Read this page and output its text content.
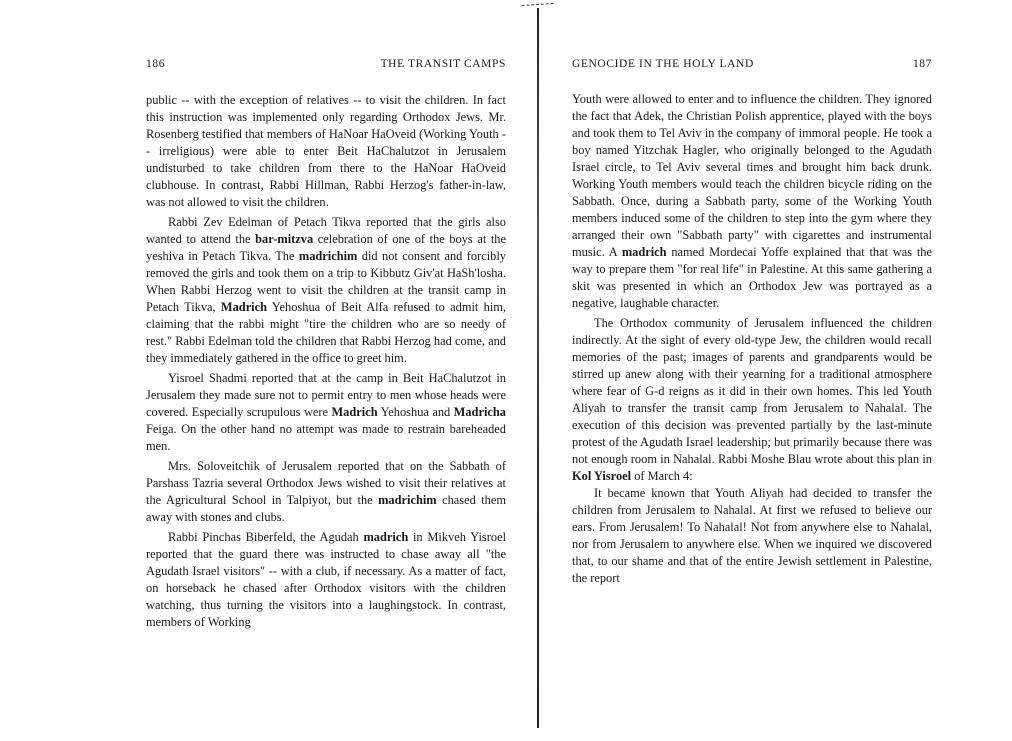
186	THE TRANSIT CAMPS

public -- with the exception of relatives -- to visit the children. In fact this instruction was implemented only regarding Orthodox Jews. Mr. Rosenberg testified that members of HaNoar HaOveid (Working Youth -- irreligious) were able to enter Beit HaChalutzot in Jerusalem undisturbed to take children from there to the HaNoar HaOveid clubhouse. In contrast, Rabbi Hillman, Rabbi Herzog's father-in-law, was not allowed to visit the children.

Rabbi Zev Edelman of Petach Tikva reported that the girls also wanted to attend the bar-mitzva celebration of one of the boys at the yeshiva in Petach Tikva. The madrichim did not consent and forcibly removed the girls and took them on a trip to Kibbutz Giv'at HaSh'losha. When Rabbi Herzog went to visit the children at the transit camp in Petach Tikva, Madrich Yehoshua of Beit Alfa refused to admit him, claiming that the rabbi might "tire the children who are so needy of rest." Rabbi Edelman told the children that Rabbi Herzog had come, and they immediately gathered in the office to greet him.

Yisroel Shadmi reported that at the camp in Beit HaChalutzot in Jerusalem they made sure not to permit entry to men whose heads were covered. Especially scrupulous were Madrich Yehoshua and Madricha Feiga. On the other hand no attempt was made to restrain bareheaded men.

Mrs. Soloveitchik of Jerusalem reported that on the Sabbath of Parshass Tazria several Orthodox Jews wished to visit their relatives at the Agricultural School in Talpiyot, but the madrichim chased them away with stones and clubs.

Rabbi Pinchas Biberfeld, the Agudah madrich in Mikveh Yisroel reported that the guard there was instructed to chase away all "the Agudath Israel visitors" -- with a club, if necessary. As a matter of fact, on horseback he chased after Orthodox visitors with the children watching, thus turning the visitors into a laughingstock. In contrast, members of Working

GENOCIDE IN THE HOLY LAND	187

Youth were allowed to enter and to influence the children. They ignored the fact that Adek, the Christian Polish apprentice, played with the boys and took them to Tel Aviv in the company of immoral people. He took a boy named Yitzchak Hagler, who originally belonged to the Agudath Israel circle, to Tel Aviv several times and brought him back drunk. Working Youth members would teach the children bicycle riding on the Sabbath. Once, during a Sabbath party, some of the Working Youth members induced some of the children to step into the gym where they arranged their own "Sabbath party" with cigarettes and instrumental music. A madrich named Mordecai Yoffe explained that that was the way to prepare them "for real life" in Palestine. At this same gathering a skit was presented in which an Orthodox Jew was portrayed as a negative, laughable character.

The Orthodox community of Jerusalem influenced the children indirectly. At the sight of every old-type Jew, the children would recall memories of the past; images of parents and grandparents would be stirred up anew along with their yearning for a traditional atmosphere where fear of G-d reigns as it did in their own homes. This led Youth Aliyah to transfer the transit camp from Jerusalem to Nahalal. The execution of this decision was prevented partially by the last-minute protest of the Agudath Israel leadership; but primarily because there was not enough room in Nahalal. Rabbi Moshe Blau wrote about this plan in Kol Yisroel of March 4:

It became known that Youth Aliyah had decided to transfer the children from Jerusalem to Nahalal. At first we refused to believe our ears. From Jerusalem! To Nahalal! Not from anywhere else to Nahalal, nor from Jerusalem to anywhere else. When we inquired we discovered that, to our shame and that of the entire Jewish settlement in Palestine, the report
